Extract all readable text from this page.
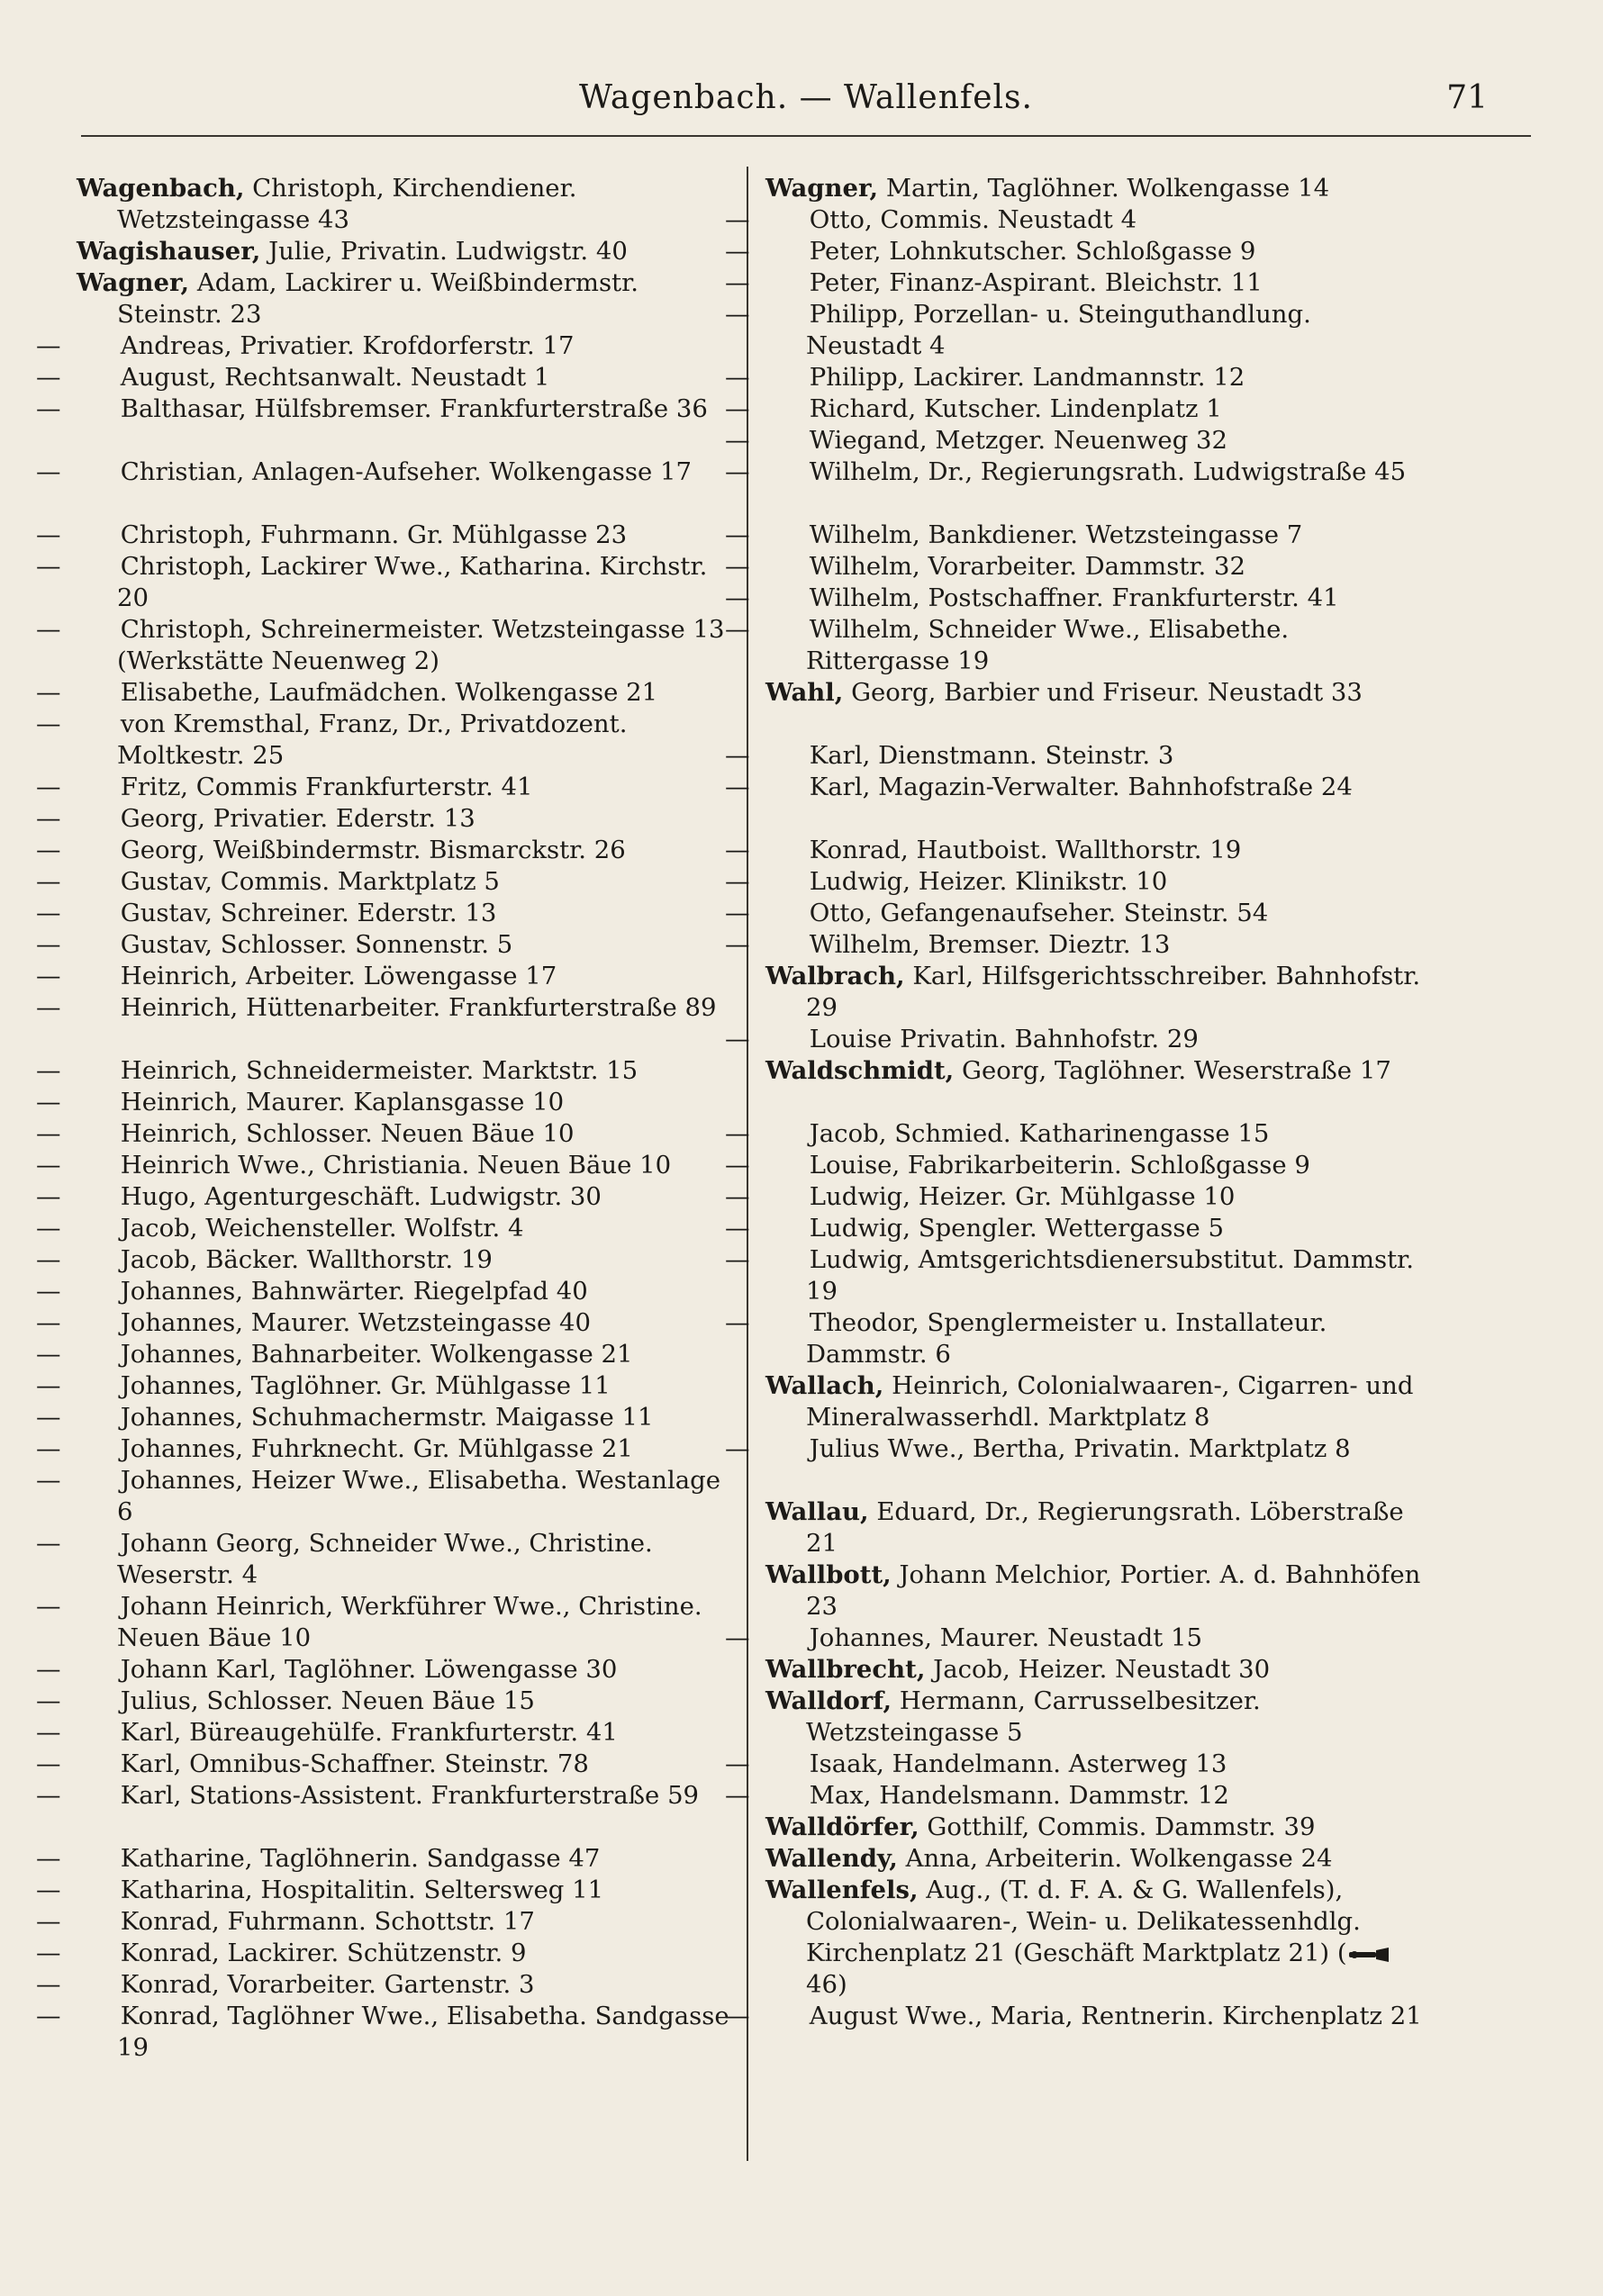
Wagenbach. — Wallenfels.	71
Wagenbach, Christoph, Kirchendiener. Wetzsteingasse 43
Wagishauser, Julie, Privatin. Ludwigstr. 40
Wagner, Adam, Lackirer u. Weißbindermstr. Steinstr. 23
— Andreas, Privatier. Krofdorferstr. 17
— August, Rechtsanwalt. Neustadt 1
— Balthasar, Hülfsbremser. Frankfurterstraße 36
— Christian, Anlagen-Aufseher. Wolkengasse 17
— Christoph, Fuhrmann. Gr. Mühlgasse 23
— Christoph, Lackirer Wwe., Katharina. Kirchstr. 20
— Christoph, Schreinermeister. Wetzsteingasse 13 (Werkstätte Neuenweg 2)
— Elisabethe, Laufmädchen. Wolkengasse 21
— von Kremsthal, Franz, Dr., Privatdozent. Moltkestr. 25
— Fritz, Commis Frankfurterstr. 41
— Georg, Privatier. Ederstr. 13
— Georg, Weißbindermstr. Bismarckstr. 26
— Gustav, Commis. Marktplatz 5
— Gustav, Schreiner. Ederstr. 13
— Gustav, Schlosser. Sonnenstr. 5
— Heinrich, Arbeiter. Löwengasse 17
— Heinrich, Hüttenarbeiter. Frankfurterstraße 89
— Heinrich, Schneidermeister. Marktstr. 15
— Heinrich, Maurer. Kaplansgasse 10
— Heinrich, Schlosser. Neuen Bäue 10
— Heinrich Wwe., Christiania. Neuen Bäue 10
— Hugo, Agenturgeschäft. Ludwigstr. 30
— Jacob, Weichensteller. Wolfstr. 4
— Jacob, Bäcker. Wallthorstr. 19
— Johannes, Bahnwärter. Riegelpfad 40
— Johannes, Maurer. Wetzsteingasse 40
— Johannes, Bahnarbeiter. Wolkengasse 21
— Johannes, Taglöhner. Gr. Mühlgasse 11
— Johannes, Schuhmachermstr. Maigasse 11
— Johannes, Fuhrknecht. Gr. Mühlgasse 21
— Johannes, Heizer Wwe., Elisabetha. Westanlage 6
— Johann Georg, Schneider Wwe., Christine. Weserstr. 4
— Johann Heinrich, Werkführer Wwe., Christine. Neuen Bäue 10
— Johann Karl, Taglöhner. Löwengasse 30
— Julius, Schlosser. Neuen Bäue 15
— Karl, Büreaugehülfe. Frankfurterstr. 41
— Karl, Omnibus-Schaffner. Steinstr. 78
— Karl, Stations-Assistent. Frankfurterstraße 59
— Katharine, Taglöhnerin. Sandgasse 47
— Katharina, Hospitalitin. Seltersweg 11
— Konrad, Fuhrmann. Schottstr. 17
— Konrad, Lackirer. Schützenstr. 9
— Konrad, Vorarbeiter. Gartenstr. 3
— Konrad, Taglöhner Wwe., Elisabetha. Sandgasse 19
Wagner, Martin, Taglöhner. Wolkengasse 14
— Otto, Commis. Neustadt 4
— Peter, Lohnkutscher. Schloßgasse 9
— Peter, Finanz-Aspirant. Bleichstr. 11
— Philipp, Porzellan- u. Steinguthandlung. Neustadt 4
— Philipp, Lackirer. Landmannstr. 12
— Richard, Kutscher. Lindenplatz 1
— Wiegand, Metzger. Neuenweg 32
— Wilhelm, Dr., Regierungsrath. Ludwigstraße 45
— Wilhelm, Bankdiener. Wetzsteingasse 7
— Wilhelm, Vorarbeiter. Dammstr. 32
— Wilhelm, Postschaffner. Frankfurterstr. 41
— Wilhelm, Schneider Wwe., Elisabethe. Rittergasse 19
Wahl, Georg, Barbier und Friseur. Neustadt 33
— Karl, Dienstmann. Steinstr. 3
— Karl, Magazin-Verwalter. Bahnhofstraße 24
— Konrad, Hautboist. Wallthorstr. 19
— Ludwig, Heizer. Klinikstr. 10
— Otto, Gefangenaufseher. Steinstr. 54
— Wilhelm, Bremser. Dieztr. 13
Walbrach, Karl, Hilfsgerichtsschreiber. Bahnhofstr. 29
— Louise Privatin. Bahnhofstr. 29
Waldschmidt, Georg, Taglöhner. Weserstraße 17
— Jacob, Schmied. Katharinengasse 15
— Louise, Fabrikarbeiterin. Schloßgasse 9
— Ludwig, Heizer. Gr. Mühlgasse 10
— Ludwig, Spengler. Wettergasse 5
— Ludwig, Amtsgerichtsdienersubstitut. Dammstr. 19
— Theodor, Spenglermeister u. Installateur. Dammstr. 6
Wallach, Heinrich, Colonialwaaren-, Cigarren- und Mineralwasserhdl. Marktplatz 8
— Julius Wwe., Bertha, Privatin. Marktplatz 8
Wallau, Eduard, Dr., Regierungsrath. Löberstraße 21
Wallbott, Johann Melchior, Portier. A. d. Bahnhöfen 23
— Johannes, Maurer. Neustadt 15
Wallbrecht, Jacob, Heizer. Neustadt 30
Walldorf, Hermann, Carrusselbesitzer. Wetzsteingasse 5
— Isaak, Handelmann. Asterweg 13
— Max, Handelsmann. Dammstr. 12
Walldörfer, Gotthilf, Commis. Dammstr. 39
Wallendy, Anna, Arbeiterin. Wolkengasse 24
Wallenfels, Aug., (T. d. F. A. & G. Wallenfels), Colonialwaaren-, Wein- u. Delikatessenhdlg. Kirchenplatz 21 (Geschäft Marktplatz 21) (46)
— August Wwe., Maria, Rentnerin. Kirchenplatz 21
